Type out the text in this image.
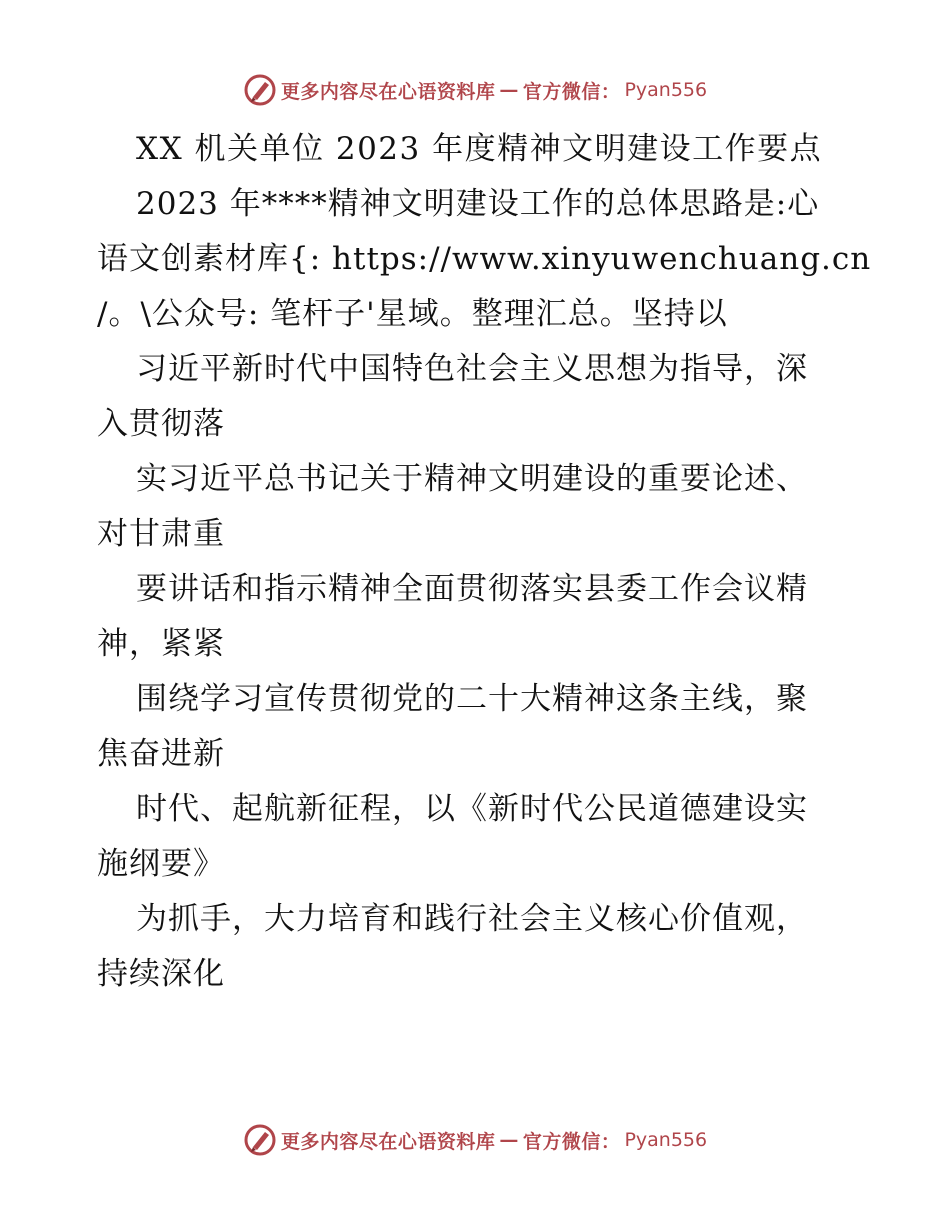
更多内容尽在心语资料库 — 官方微信： Pyan556
XX 机关单位 2023 年度精神文明建设工作要点
2023 年****精神文明建设工作的总体思路是:心
语文创素材库{: https://www.xinyuwenchuang.cn
/。\公众号: 笔杆子'星域。整理汇总。坚持以
习近平新时代中国特色社会主义思想为指导，深
入贯彻落
实习近平总书记关于精神文明建设的重要论述、
对甘肃重
要讲话和指示精神全面贯彻落实县委工作会议精
神，紧紧
围绕学习宣传贯彻党的二十大精神这条主线，聚
焦奋进新
时代、起航新征程，以《新时代公民道德建设实
施纲要》
为抓手，大力培育和践行社会主义核心价值观，
持续深化
更多内容尽在心语资料库 — 官方微信： Pyan556
